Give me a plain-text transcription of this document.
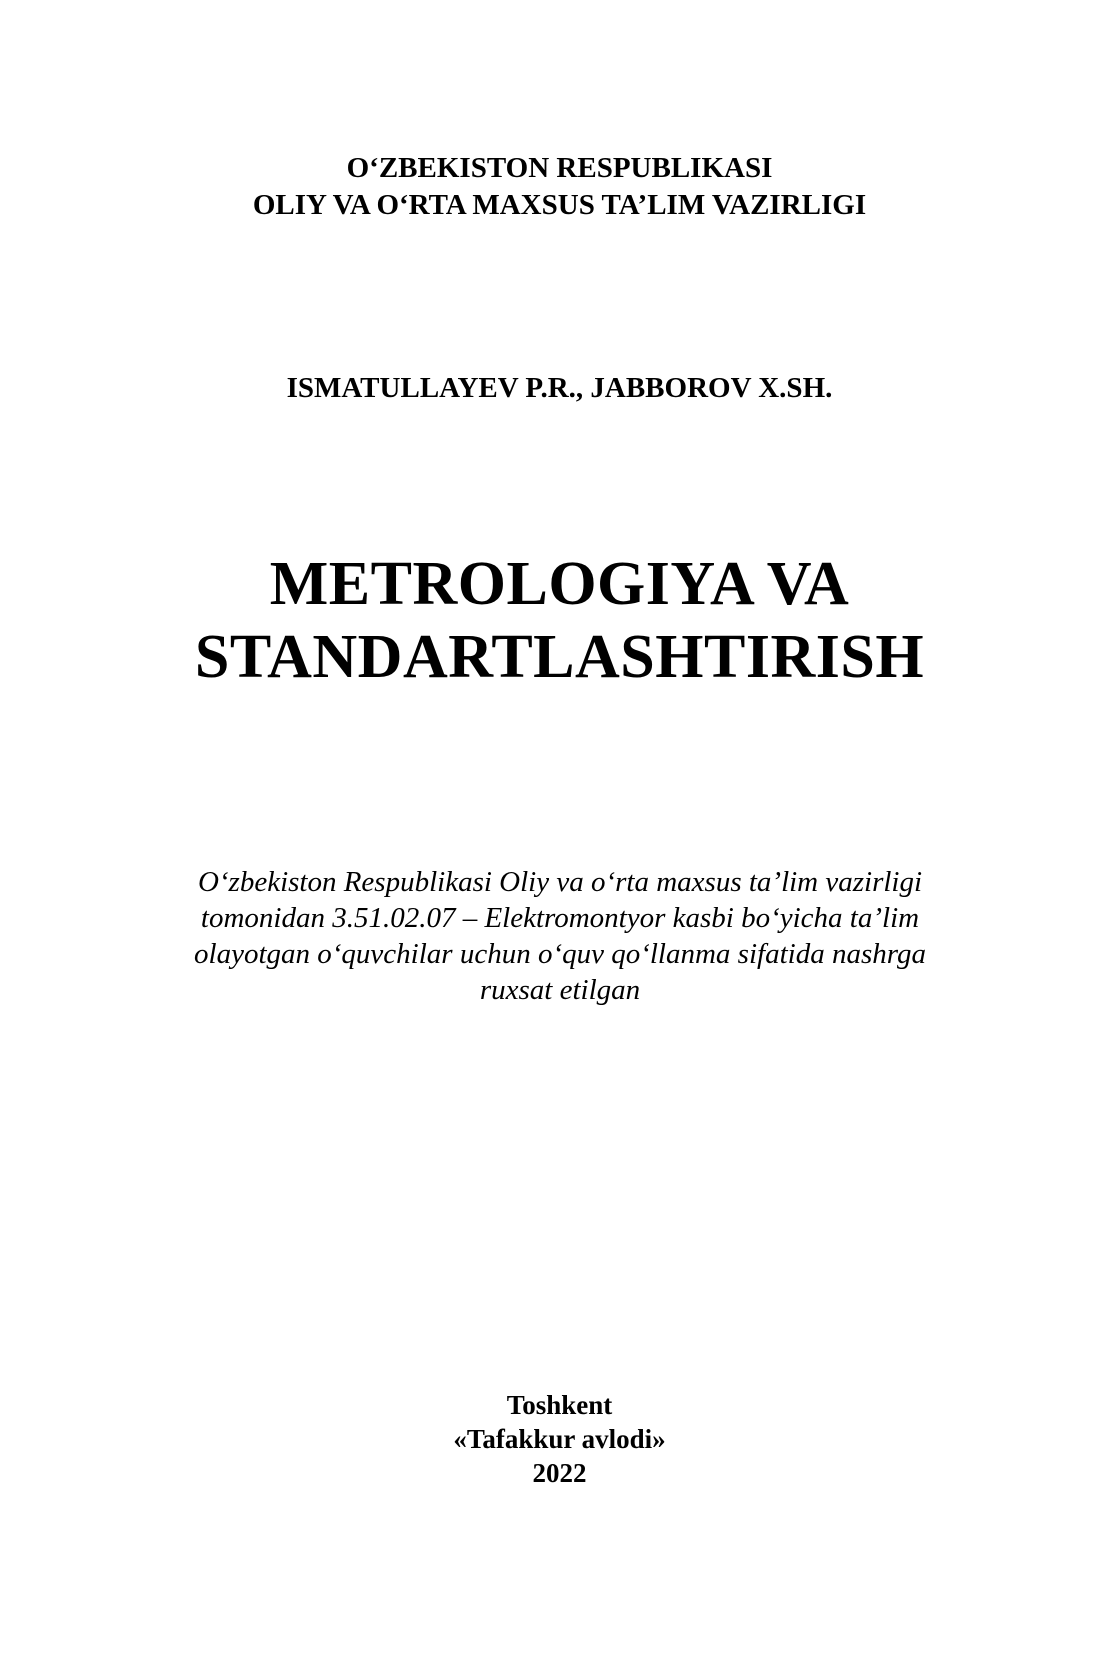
O‘ZBEKISTON RESPUBLIKASI
OLIY VA O‘RTA MAXSUS TA’LIM VAZIRLIGI
ISMATULLAYEV P.R., JABBOROV X.SH.
METROLOGIYA VA
STANDARTLASHTIRISH
O‘zbekiston Respublikasi Oliy va o‘rta maxsus ta’lim vazirligi
tomonidan 3.51.02.07 – Elektromontyor kasbi bo‘yicha ta’lim
olayotgan o‘quvchilar uchun o‘quv qo‘llanma sifatida nashrga
ruxsat etilgan
Toshkent
«Tafakkur avlodi»
2022
